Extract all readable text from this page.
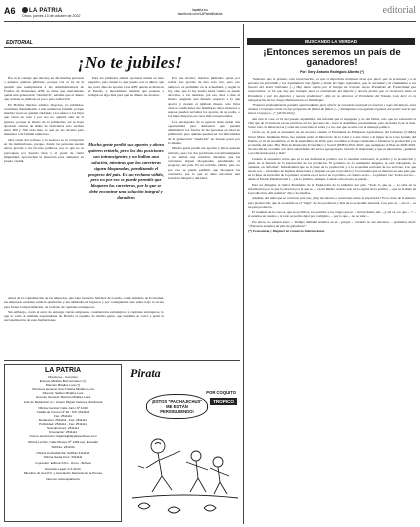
A6	LA PATRIA
Oruro, jueves 13 de octubre de 2022
lapatria.bo
facebook.com/LaPatriaBolivia	editorial
EDITORIAL
¡No te jubiles!

Ése es el consejo que dan hoy en día muchas personas a quienes quieren jubilarse, porque con el 10 de la gestión que reemplazaría a las Administradoras de Fondos de Pensiones, AFP, se tiene que nuevamente queda una generación "sándwich", además que el dinero que reciben se jubilado es poco para sobrevivir.

En Bolivia muchos adultos mayores, ya jubilados, continúan manteniendo a una numerosa familia, porque muchas veces se quedan cuidando a los nietos o los hijos que viven en casa y por eso no quieren salir de la gestora, porque el monto de la jubilación, así se haya aportado cientos de miles de bolivianos solo reciben entre 300 y 700 cada mes, lo que no les alcanza para mantener a su familia numerosa.

Otra razón del rechazo a la Gestora es la corrupción en las instituciones, porque, donde las personas suelen entrar gracias a los favores políticos, por lo que no se preocupan por hacerlo bien y al gozar de cierta impunidad, aprovechan la situación para aumentar su propio capital.

Antes de la capitalización de las empresas, que trajo Gonzalo Sánchez de Lozada, como ministro de Economía, las empresas estatales estaban quebradas y sin utilidades ni ingresos y por consiguiente este señor trajo la receta para frenar la hiperinflación, de la mano de capitales extranjeros.

Sin embargo, contó el error de entregar ciertas empresas, considerados estratégicos a capitales extranjeros, lo que le valió al también expresidente de Bolivia el repudio de mucha gente, que también se volcó a pedir la nacionalización de esas instituciones.

Para los jubilados ambas opciones tienen su lado negativo, pero tienen lo que pueda con el dinero que les costó años de aportes a las AFP, quizás se dirán en el Estado, y nuevamente tendrán que ponerse a trabajar en algo más para que su dinero les alcance.

Mucha gente perdió sus aportes y ahora quieren evitarlo, pero los dos posiciones son intransigentes y no hallan una solución, mientras que las carreteras siguen bloqueadas, paralizando el progreso del país. Es un reclamo válido, pero no por eso se puede permitir que bloqueen las carreteras, por lo que se debe encontrar una solución integral y duradera

Por ese motivo, muchos jubilados optan por retirar sus aportes de una sola vez, pero eso tampoco es permitido en la actualidad, y según la ley, sino que la ley norma hasta cuánto se puede devolver, a los rentistas, por eso, mes a mes el monto asignado una miseria respecto a lo que aportó y cuando el jubilado muere, solo hijos ciertos condiciones sus familiares, hijos menores y esposa pueden reclamar los aportes de su padre, o los hijos mayores en casos más excepcionales.

Los encargados de la gestora tiene pidan una oportunidad para demostrar que pueden administrar los fondos de las personas en edad de jubilación, pero quienes pueden ser los dificultades de la generación "sandwich" no desean pasar por lo mismo.

Mucha gente perdió sus aportes y ahora quieren evitarlo, pero los dos posiciones son intransigentes y no hallan una solución, mientras que las carreteras siguen bloqueadas, paralizando el progreso del país. Es un reclamo válido, pero no por eso se puede permitir que bloqueen las carreteras, por lo que se debe encontrar una solución integral y duradera.

BUSCANDO LA VERDAD
¡Entonces seremos un país de ganadores!
Por: Gery Antonio Rodríguez Alberto (*)

"Sabemos que te prestan, esta conversación, es que el deportista boliviano tiene que hacer que la economía y a la persona ha permitido y los legisladores han fijado y desde las ligas regionales, que la sociedad y la ciudadanía a los favores del lustro boliviano (...) Hay tanto sujeto por el tiempo de reciente nuevo Presidente de Fraternidad que corporativos, se los que hay que trabajar para el movimiento del deporte y nuevos puntos que se reconocen tanto al Presidente y por los deportes y nuevos problemas", dijo en su discurso el Presidente del Estado, Luis Arce en la inauguración de los Juegos Bolivarianos en Valledupar.

"Estamos profundamente grandes oportunidades para ofrecer la economía nacional en muchos y unas iniciativas, unas mismas el mensaje existe no hay propuesta de fútbol de fútbol. (...) Trabajamos una agenda regional, así quiere suerte que tienen el apoyo (...)" [26.09.2022].

Ahí está la cosa, el 19 del pasado septiembre, me informé que el exjugador y no del fútbol, solo que no sobresalió la vida que de él nacieron en las prácticas en los procesos de... hace la Asamblea, precisamente, pero de haber la de la tuna. Sobre todo, la mitad de las y solas sin cosas más al sobre y a los. Así que se sabe con el mensaje político.

Cierto es, el país se encuentra en un proceso cuando el Presidente de Empresas Agricultoras del Gobierno (CABA) Oscar Mario Justiniano Pinto, fue asistido junto al Directorio de la CAO y a una visita a la mujer de la Casa Grande del Pueblo, el 16 de noviembre, el 16 de septiembre de 2022, para coordinar acciones orientadas a fortalecer la producción y la economía del país. Hay 'Plan de Desarrollo Económico y Social' (PDES) 2021-2025, que reemplazó el Plan de 2020-2025. Ya esta inicial coordinó con otras autoridades del sector agropecuario. Ocurrió lo importante y que es interesante, ¿palabras o producciones para y más?

Cuando el encuentro sobre que es la esa deficiencia política con la cuestión relacional, la política y la producción y ganar en la función de la exportación de los productos. El gobierno no lo reemplazó ninguno, se está trabajando, no obstante, en 'informal'. Informalidad que es la base de la producción y a la economía nacional de los sectores. Los que nacen con ... un tiempo de algunas situaciones y después en que el producto y la economía que se mueven en este país que, en la línea de inversión de la primera ocasión en el sector en la política, en cuanto se ha ... la primera vez. Todos nos ha ... desde el Estado Plurinacional (... ) de la palabra, siempre. Cuando está en esta se puede...

Para un dirigente el Señor Presidente de la Federación de la industria del país. "Todo lo que se ... se sabe en la información por la que la relación por la que se ... en un mismo cuando solo en la región de la política ... que es la meta de la producción. Ahí estamos" dijo a los medios.

Además, del tema que se conversó esta vez, ¿hay un entorno o soluciones sobre el exportador? Es la clave de la manera, para producción, que la economía es el "lugar" de los productos y más de la economía nacional. Con esto se ... así si ... es un país productor.

El resumen de la cosa es, que los políticos, los partidos y los cargos que se ... llevan dentro del... ¿y así va a lo que ... ? ... si estamos en cuenta, o si todo se podría dejar por completo, ... por lo que ... no se sabe ...

Por ahora, no existen estos ... Tiempo también seremos en el... porque ... Cuando no sea entonces ... podremos decir: "¡Entonces seremos un país de ganadores!"

(*) Economista y Magíster en Comercio Internacional.

LA PATRIA
Directores - Gerentes
Enrique Miralles Bonnemaison (†)
Marcelo Miralles Lora (†)
Directora General: Ana Cristina Miralles Lora
Director: Sabino Miralles Lora
Gerente General: Marcelo Miralles Lora
Jefe de Redacción a.i.: Amaro Miguel Cáceres Zambrana

Oficina Central: Calle Junín Nº 1040
Casilla de Correo Nº 48 - Telf: 2511111
Fax: 2511111
Redacción: 2511111 - Fax: 2511111
Publicidad: 2511111 - Fax: 2511111
Suscripciones: 2511111
Circulación: 2511111
Correo electrónico: lapatria@lapatriaenlinea.com

Oficina La Paz: Calle Mexico Nº 1429 esq. Ecuador
Telf/Fax: 2311111

Oficina Cochabamba: Telf/Fax 4111111
Oficina Santa Cruz: 3311111

Impresión: Editora S.R.L. Oruro - Bolivia

Depósito Legal: 4-3-44-01
Miembro de la A.P.C. y Asociación Nacional de la Prensa

Internet: www.lapatria.bo
Pirata
POR COQUITO
TROPICO
¡ESTOS "PACHAJICHUS" ME ESTÁN PERSIGUIENDO!
